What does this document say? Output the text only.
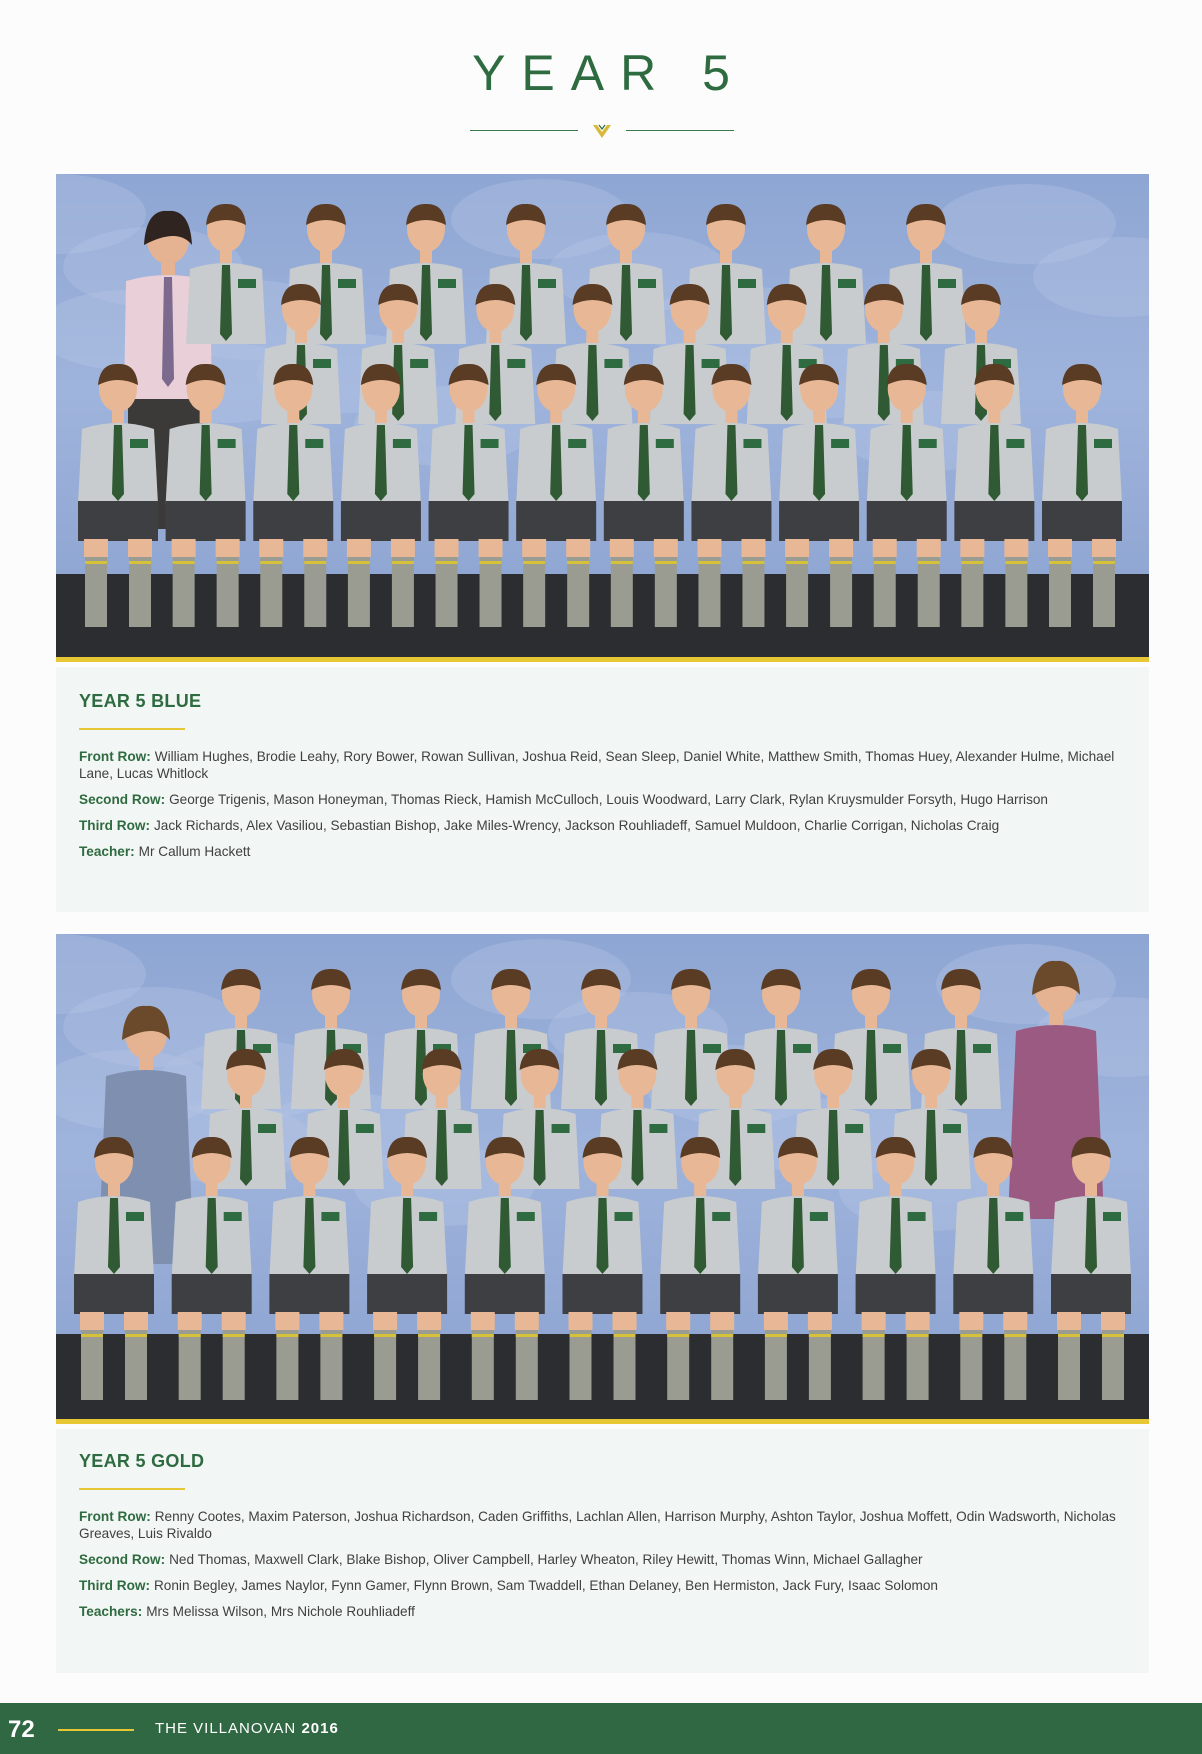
YEAR 5
YEAR 5 BLUE
Front Row: William Hughes, Brodie Leahy, Rory Bower, Rowan Sullivan, Joshua Reid, Sean Sleep, Daniel White, Matthew Smith, Thomas Huey, Alexander Hulme, Michael Lane, Lucas Whitlock
Second Row: George Trigenis, Mason Honeyman, Thomas Rieck, Hamish McCulloch, Louis Woodward, Larry Clark, Rylan Kruysmulder Forsyth, Hugo Harrison
Third Row: Jack Richards, Alex Vasiliou, Sebastian Bishop, Jake Miles-Wrency, Jackson Rouhliadeff, Samuel Muldoon, Charlie Corrigan, Nicholas Craig
Teacher: Mr Callum Hackett
YEAR 5 GOLD
Front Row: Renny Cootes, Maxim Paterson, Joshua Richardson, Caden Griffiths, Lachlan Allen, Harrison Murphy, Ashton Taylor, Joshua Moffett, Odin Wadsworth, Nicholas Greaves, Luis Rivaldo
Second Row: Ned Thomas, Maxwell Clark, Blake Bishop, Oliver Campbell, Harley Wheaton, Riley Hewitt, Thomas Winn, Michael Gallagher
Third Row: Ronin Begley, James Naylor, Fynn Gamer, Flynn Brown, Sam Twaddell, Ethan Delaney, Ben Hermiston, Jack Fury, Isaac Solomon
Teachers: Mrs Melissa Wilson, Mrs Nichole Rouhliadeff
72	THE VILLANOVAN 2016
